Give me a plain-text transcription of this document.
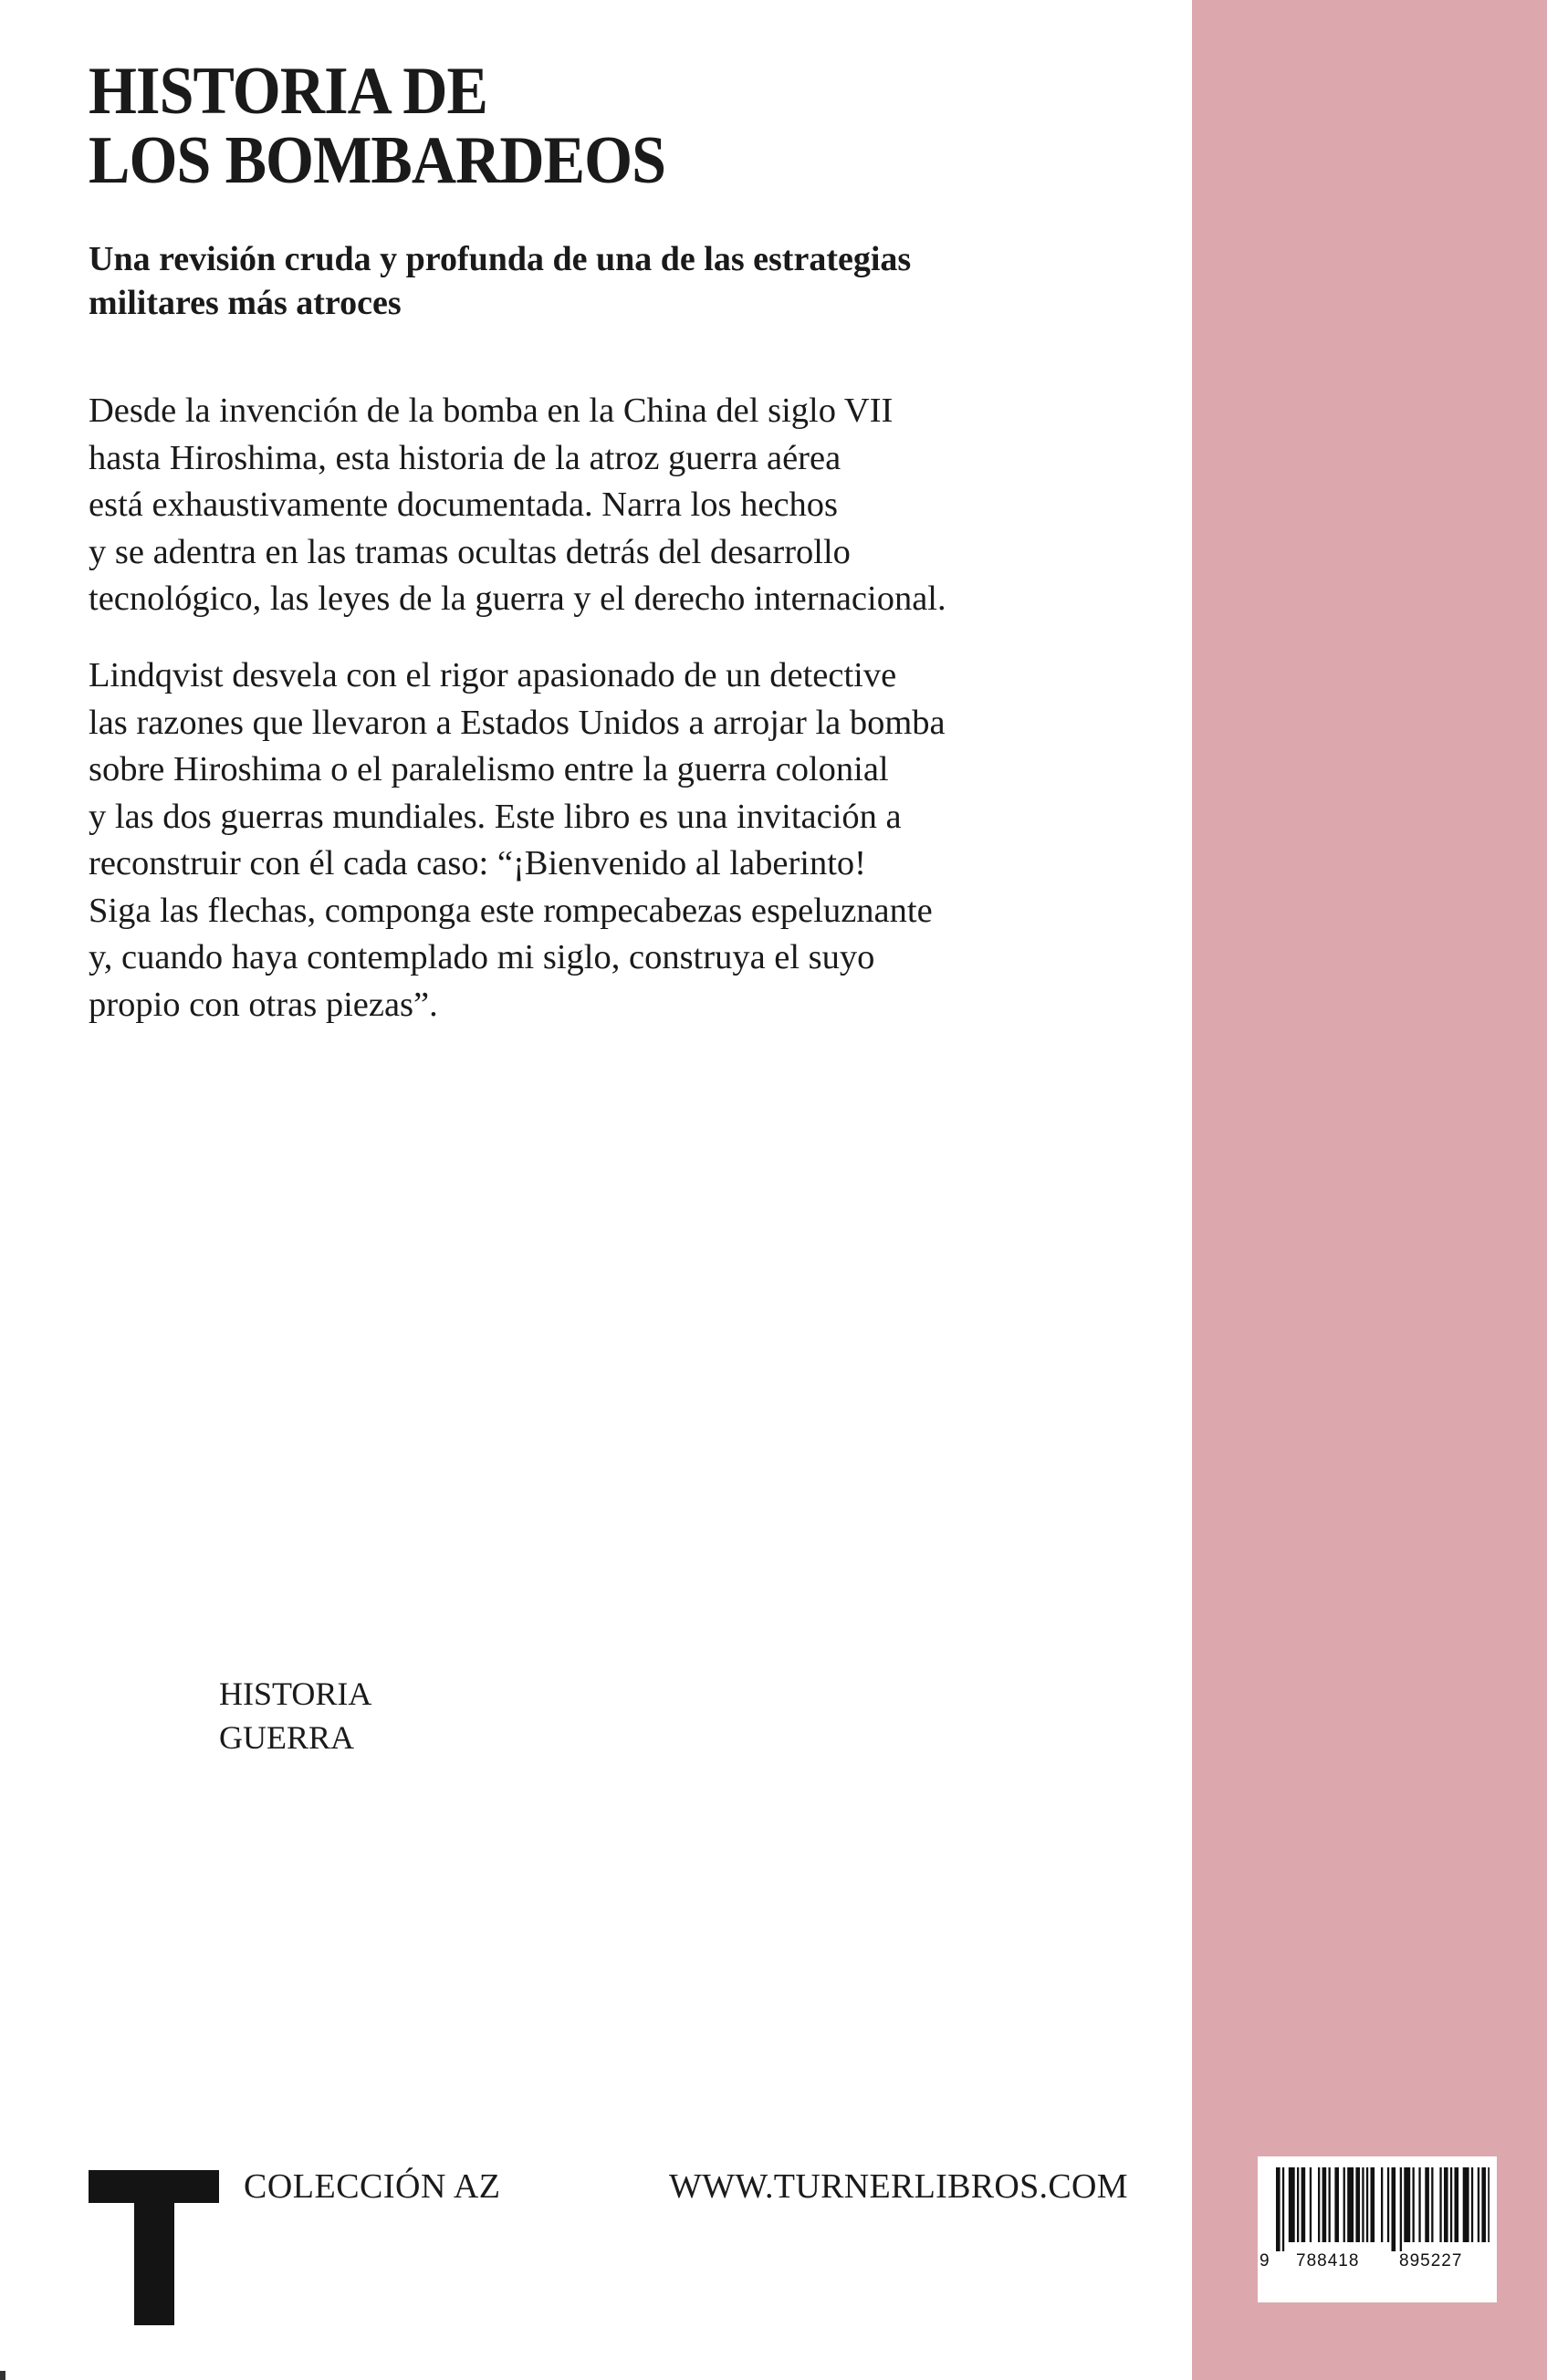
HISTORIA DE
LOS BOMBARDEOS
Una revisión cruda y profunda de una de las estrategias
militares más atroces

Desde la invención de la bomba en la China del siglo VII
hasta Hiroshima, esta historia de la atroz guerra aérea
está exhaustivamente documentada. Narra los hechos
y se adentra en las tramas ocultas detrás del desarrollo
tecnológico, las leyes de la guerra y el derecho internacional.

Lindqvist desvela con el rigor apasionado de un detective
las razones que llevaron a Estados Unidos a arrojar la bomba
sobre Hiroshima o el paralelismo entre la guerra colonial
y las dos guerras mundiales. Este libro es una invitación a
reconstruir con él cada caso: “¡Bienvenido al laberinto!
Siga las flechas, componga este rompecabezas espeluznante
y, cuando haya contemplado mi siglo, construya el suyo
propio con otras piezas”.

HISTORIA
GUERRA
COLECCIÓN AZ	WWW.TURNERLIBROS.COM
9 788418 895227
